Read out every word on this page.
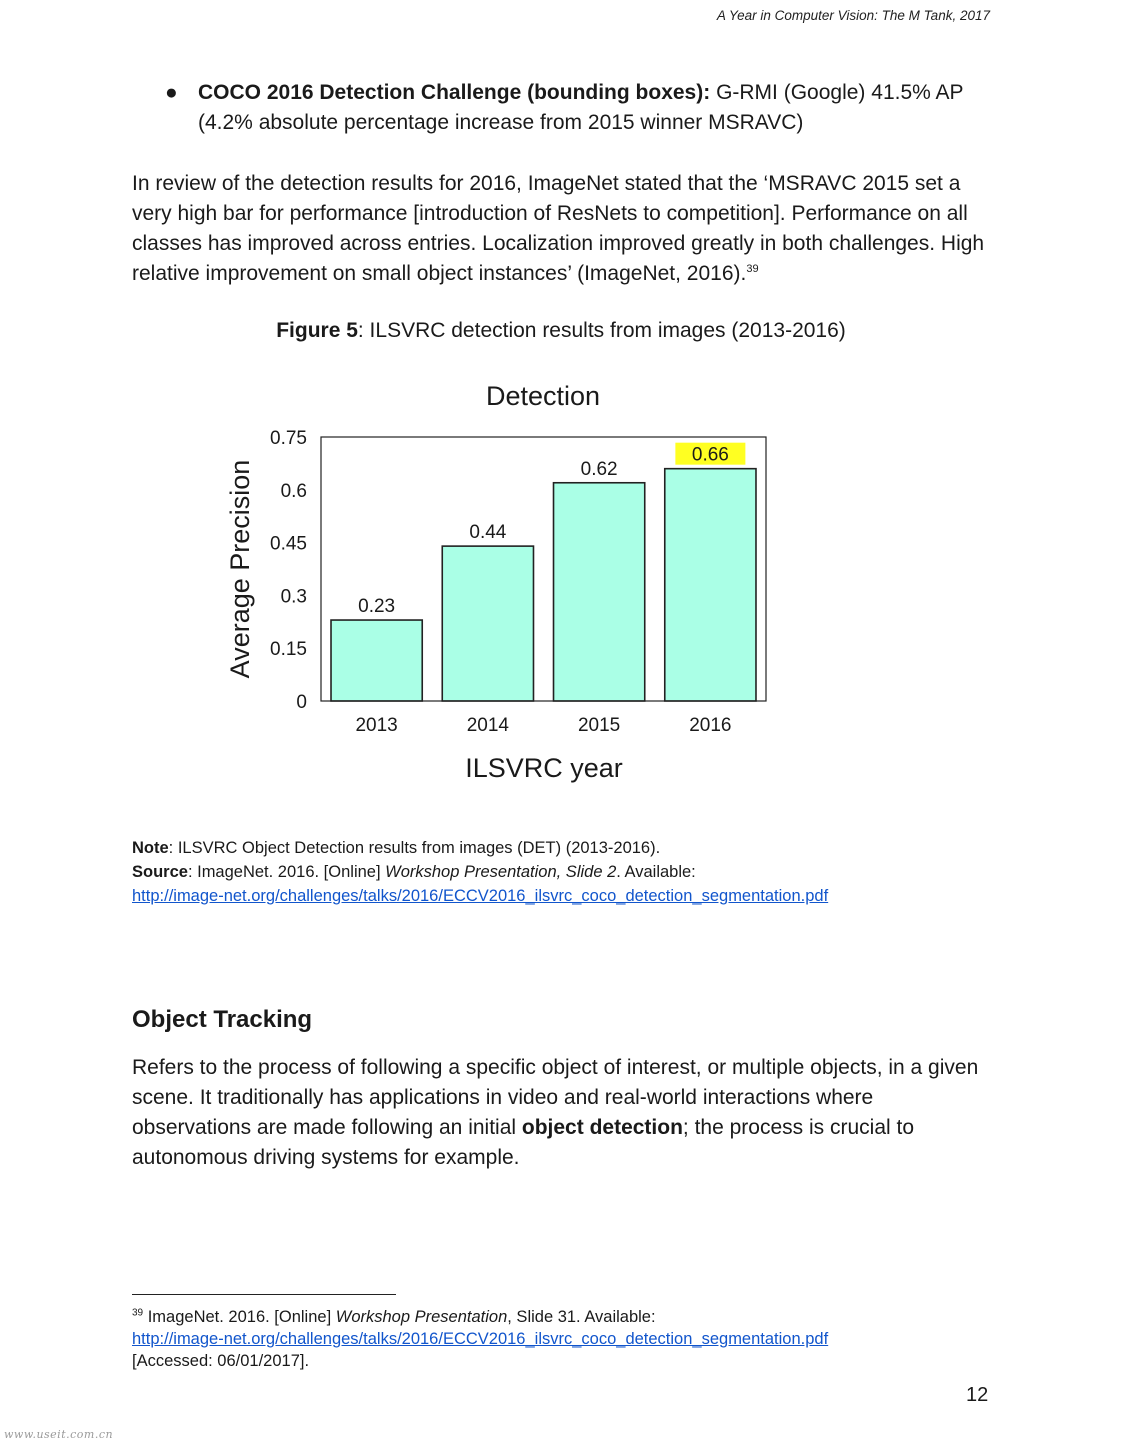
A Year in Computer Vision: The M Tank, 2017
● COCO 2016 Detection Challenge (bounding boxes): G-RMI (Google) 41.5% AP (4.2% absolute percentage increase from 2015 winner MSRAVC)
In review of the detection results for 2016, ImageNet stated that the ‘MSRAVC 2015 set a very high bar for performance [introduction of ResNets to competition]. Performance on all classes has improved across entries. Localization improved greatly in both challenges. High relative improvement on small object instances’ (ImageNet, 2016).$^{39}$
Figure 5: ILSVRC detection results from images (2013-2016)
Detection
Average Precision
ILSVRC year
0
0.15
0.3
0.45
0.6
0.75
0.23
0.44
0.62
0.66
2013	2014	2015	2016
Note: ILSVRC Object Detection results from images (DET) (2013-2016).
Source: ImageNet. 2016. [Online] Workshop Presentation, Slide 2. Available:
http://image-net.org/challenges/talks/2016/ECCV2016_ilsvrc_coco_detection_segmentation.pdf
Object Tracking
Refers to the process of following a specific object of interest, or multiple objects, in a given scene. It traditionally has applications in video and real-world interactions where observations are made following an initial object detection; the process is crucial to autonomous driving systems for example.
$^{39}$ ImageNet. 2016. [Online] Workshop Presentation, Slide 31. Available:
http://image-net.org/challenges/talks/2016/ECCV2016_ilsvrc_coco_detection_segmentation.pdf
[Accessed: 06/01/2017].
12
www.useit.com.cn
